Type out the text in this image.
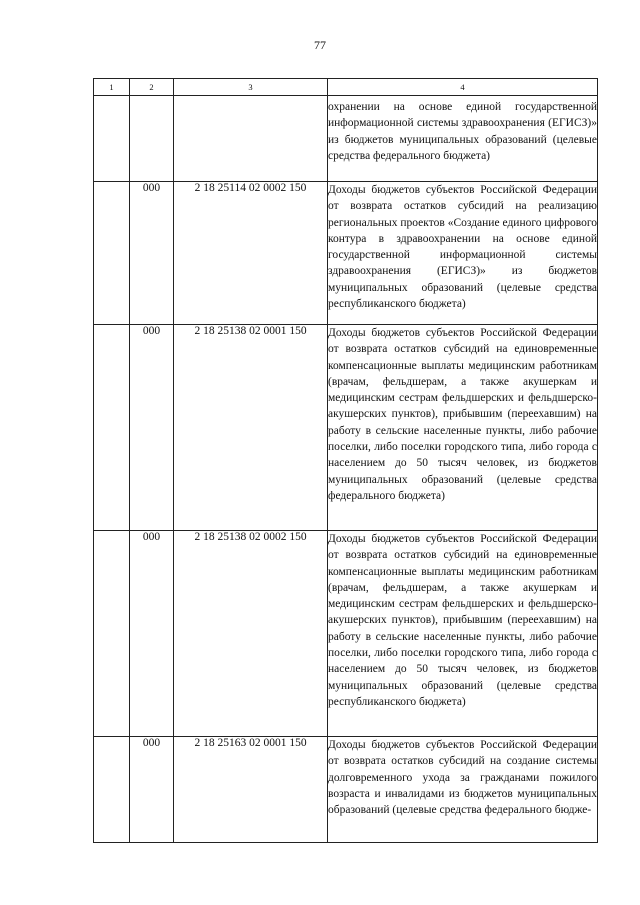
77
1	2	3	4
			охранении на основе единой государственной информационной системы здравоохранения (ЕГИСЗ)» из бюджетов муниципальных образований (целевые средства федерального бюджета)
	000	2 18 25114 02 0002 150	Доходы бюджетов субъектов Российской Федерации от возврата остатков субсидий на реализацию региональных проектов «Создание единого цифрового контура в здравоохранении на основе единой государственной информационной системы здравоохранения (ЕГИСЗ)» из бюджетов муниципальных образований (целевые средства республиканского бюджета)
	000	2 18 25138 02 0001 150	Доходы бюджетов субъектов Российской Федерации от возврата остатков субсидий на единовременные компенсационные выплаты медицинским работникам (врачам, фельдшерам, а также акушеркам и медицинским сестрам фельдшерских и фельдшерско-акушерских пунктов), прибывшим (переехавшим) на работу в сельские населенные пункты, либо рабочие поселки, либо поселки городского типа, либо города с населением до 50 тысяч человек, из бюджетов муниципальных образований (целевые средства федерального бюджета)
	000	2 18 25138 02 0002 150	Доходы бюджетов субъектов Российской Федерации от возврата остатков субсидий на единовременные компенсационные выплаты медицинским работникам (врачам, фельдшерам, а также акушеркам и медицинским сестрам фельдшерских и фельдшерско-акушерских пунктов), прибывшим (переехавшим) на работу в сельские населенные пункты, либо рабочие поселки, либо поселки городского типа, либо города с населением до 50 тысяч человек, из бюджетов муниципальных образований (целевые средства республиканского бюджета)
	000	2 18 25163 02 0001 150	Доходы бюджетов субъектов Российской Федерации от возврата остатков субсидий на создание системы долговременного ухода за гражданами пожилого возраста и инвалидами из бюджетов муниципальных образований (целевые средства федерального бюдже-
